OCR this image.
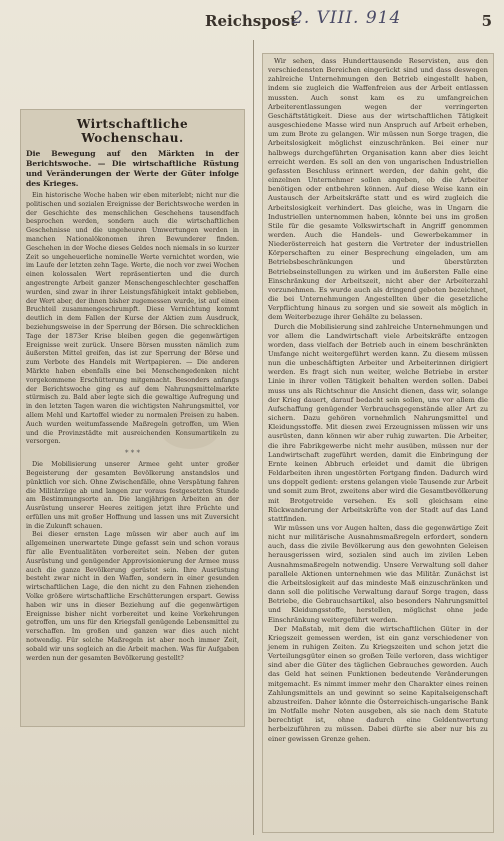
Reichspost
2. VIII. 914	5
Wirtschaftliche Wochenschau.

Die Bewegung auf den Märkten in der Berichtswoche. — Die wirtschaftliche Rüstung und Veränderungen der Werte der Güter infolge des Krieges.

Ein historische Woche haben wir eben miterlebt; nicht nur die politischen und sozialen Ereignisse der Berichtswoche werden in der Geschichte des menschlichen Geschehens tausendfach besprochen werden, sondern auch die wirtschaftlichen Geschehnisse und die ungeheuren Umwertungen werden in manchen Nationalökonomen ihren Bewunderer finden. Geschehen in der Woche dieses Geldes noch niemals in so kurzer Zeit so ungeheuerliche nominelle Werte vernichtet worden, wie im Laufe der letzten zehn Tage. Werte, die noch vor zwei Wochen einen kolossalen Wert repräsentierten und die durch angestrengte Arbeit ganzer Menschengeschlechter geschaffen wurden, sind zwar in ihrer Leistungsfähigkeit intakt geblieben, der Wert aber, der ihnen bisher zugemessen wurde, ist auf einen Bruchteil zusammengeschrumpft. Diese Vernichtung kommt deutlich in dem Fallen der Kurse der Aktien zum Ausdruck, beziehungsweise in der Sperrung der Börsen. Die schrecklichen Tage der 1873er Krise bleiben gegen die gegenwärtigen Ereignisse weit zurück. Unsere Börsen mussten nämlich zum äußersten Mittel greifen, das ist zur Sperrung der Börse und zum Verbote des Handels mit Wertpapieren. — Die anderen Märkte haben ebenfalls eine bei Menschengedenken nicht vorgekommene Erschütterung mitgemacht. Besonders anfangs der Berichtswoche ging es auf dem Nahrungsmittelmarkte stürmisch zu. Bald aber legte sich die gewaltige Aufregung und in den letzten Tagen waren die wichtigsten Nahrungsmittel, vor allem Mehl und Kartoffel wieder zu normalen Preisen zu haben. Auch wurden weitumfassende Maßregeln getroffen, um Wien und die Provinzstädte mit ausreichenden Konsumartikeln zu versorgen.

* * *

Die Mobilisierung unserer Armee geht unter großer Begeisterung der gesamten Bevölkerung anstandslos und pünktlich vor sich. Ohne Zwischenfälle, ohne Verspätung fahren die Militärzüge ab und langen zur voraus festgesetzten Stunde am Bestimmungsorte an. Die langjährigen Arbeiten an der Ausrüstung unserer Heeres zeitigen jetzt ihre Früchte und erfüllen uns mit großer Hoffnung und lassen uns mit Zuversicht in die Zukunft schauen.

Bei dieser ernsten Lage müssen wir aber auch auf im allgemeinen unerwartete Dinge gefasst sein und schon voraus für alle Eventualitäten vorbereitet sein. Neben der guten Ausrüstung und genügender Approvisionierung der Armee muss auch die ganze Bevölkerung gerüstet sein. Ihre Ausrüstung besteht zwar nicht in den Waffen, sondern in einer gesunden wirtschaftlichen Lage, die den nicht zu den Fahnen ziehenden Volke größere wirtschaftliche Erschütterungen erspart. Gewiss haben wir uns in dieser Beziehung auf die gegenwärtigen Ereignisse bisher nicht vorbereitet und keine Vorkehrungen getroffen, um uns für den Kriegsfall genügende Lebensmittel zu verschaffen. Im großen und ganzen war dies auch nicht notwendig. Für solche Maßregeln ist aber noch immer Zeit, sobald wir uns sogleich an die Arbeit machen. Was für Aufgaben werden nun der gesamten Bevölkerung gestellt?

Wir sehen, dass Hunderttausende Reservisten, aus den verschiedensten Bereichen eingerückt sind und dass deswegen zahlreiche Unternehmungen den Betrieb eingestellt haben, indem sie zugleich die Waffenfreien aus der Arbeit entlassen mussten. Auch sonst kam es zu umfangreichen Arbeiterentlassungen wegen der verringerten Geschäftstätigkeit. Diese aus der wirtschaftlichen Tätigkeit ausgeschiedene Masse wird nun Anspruch auf Arbeit erheben, um zum Brote zu gelangen. Wir müssen nun Sorge tragen, die Arbeitslosigkeit möglichst einzuschränken. Bei einer nur halbwegs durchgeführten Organisation kann aber dies leicht erreicht werden. Es soll an den von ungarischen Industriellen gefassten Beschluss erinnert werden, der dahin geht, die einzelnen Unternehmer sollen angeben, ob die Arbeiter benötigen oder entbehren können. Auf diese Weise kann ein Austausch der Arbeitskräfte statt und es wird zugleich die Arbeitslosigkeit verhindert. Das gleiche, was in Ungarn die Industriellen unternommen haben, könnte bei uns im großen Stile für die gesamte Volkswirtschaft in Angriff genommen werden. Auch die Handels- und Gewerbekammer in Niederösterreich hat gestern die Vertreter der industriellen Körperschaften zu einer Besprechung eingeladen, um am Betriebsbeschränkungen und überstürzten Betriebseinstellungen zu wirken und im äußersten Falle eine Einschränkung der Arbeitszeit, nicht aber der Arbeiterzahl vorzunehmen. Es wurde auch als dringend geboten bezeichnet, die bei Unternehmungen Angestellten über die gesetzliche Verpflichtung hinaus zu sorgen und sie soweit als möglich in dem Weiterbezuge ihrer Gehälte zu belassen.

Durch die Mobilisierung sind zahlreiche Unternehmungen und vor allem die Landwirtschaft viele Arbeitskräfte entzogen worden, dass vielfach der Betrieb auch in einem beschränkten Umfange nicht weitergeführt werden kann. Zu diesem müssen nun die unbeschäftigten Arbeiter und Arbeiterinnen dirigiert werden. Es fragt sich nun weiter, welche Betriebe in erster Linie in ihrer vollen Tätigkeit behalten werden sollen. Dabei muss uns als Richtschnur die Ansicht dienen, dass wir, solange der Krieg dauert, darauf bedacht sein sollen, uns vor allem die Aufschaffung genügender Verbrauchsgegenstände aller Art zu sichern. Dazu gehören vornehmlich Nahrungsmittel und Kleidungsstoffe. Mit diesen zwei Erzeugnissen müssen wir uns ausrüsten, dann können wir aber ruhig zuwarten. Die Arbeiter, die ihre Fabrikgewerbe nicht mehr ausüben, müssen nur der Landwirtschaft zugeführt werden, damit die Einbringung der Ernte keinen Abbruch erleidet und damit die übrigen Feldarbeiten ihren ungestörten Fortgang finden. Dadurch wird uns doppelt gedient: erstens gelangen viele Tausende zur Arbeit und somit zum Brot, zweitens aber wird die Gesamtbevölkerung mit Brotgetreide versehen. Es soll gleichsam eine Rückwanderung der Arbeitskräfte von der Stadt auf das Land stattfinden.

Wir müssen uns vor Augen halten, dass die gegenwärtige Zeit nicht nur militärische Ausnahmsmaßregeln erfordert, sondern auch, dass die zivile Bevölkerung aus den gewohnten Geleisen herausgerissen wird, sozialen sind auch im zivilen Leben Ausnahmsmaßregeln notwendig. Unsere Verwaltung soll daher parallele Aktionen unternehmen wie das Militär. Zunächst ist die Arbeitslosigkeit auf das mindeste Maß einzuschränken und dann soll die politische Verwaltung darauf Sorge tragen, dass Betriebe, die Gebrauchsartikel, also besonders Nahrungsmittel und Kleidungsstoffe, herstellen, möglichst ohne jede Einschränkung weitergeführt werden.

Der Maßstab, mit dem die wirtschaftlichen Güter in der Kriegszeit gemessen werden, ist ein ganz verschiedener von jenem in ruhigen Zeiten. Zu Kriegszeiten und schon jetzt die Verteilungsgüter einen so großen Teile verloren, dass wichtiger sind aber die Güter des täglichen Gebrauches geworden. Auch das Geld hat seinen Funktionen bedeutende Veränderungen mitgemacht. Es nimmt immer mehr den Charakter eines reinen Zahlungsmittels an und gewinnt so seine Kapitalseigenschaft abzustreifen. Daher könnte die Österreichisch-ungarische Bank im Notfalle mehr Noten ausgeben, als sie nach dem Statute berechtigt ist, ohne dadurch eine Geldentwertung herbeizuführen zu müssen. Dabei dürfte sie aber nur bis zu einer gewissen Grenze gehen.
